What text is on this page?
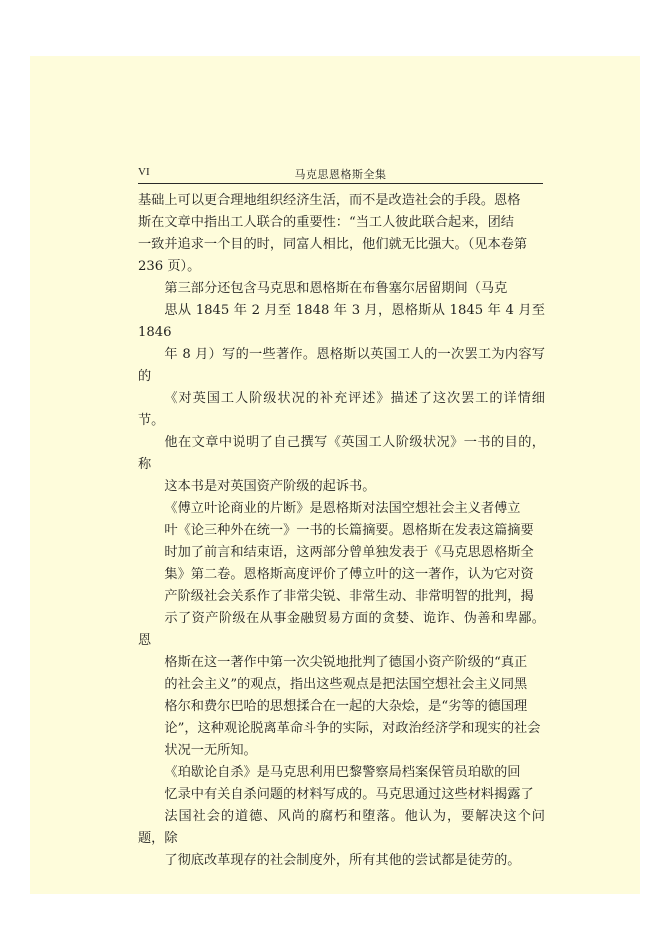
VI	马克思恩格斯全集

基础上可以更合理地组织经济生活，而不是改造社会的手段。恩格
斯在文章中指出工人联合的重要性：“当工人彼此联合起来，团结
一致并追求一个目的时，同富人相比，他们就无比强大。（见本卷第
236 页）。

第三部分还包含马克思和恩格斯在布鲁塞尔居留期间（马克
思从 1845 年 2 月至 1848 年 3 月，恩格斯从 1845 年 4 月至 1846
年 8 月）写的一些著作。恩格斯以英国工人的一次罢工为内容写的
《对英国工人阶级状况的补充评述》描述了这次罢工的详情细节。
他在文章中说明了自己撰写《英国工人阶级状况》一书的目的，称
这本书是对英国资产阶级的起诉书。

《傅立叶论商业的片断》是恩格斯对法国空想社会主义者傅立
叶《论三种外在统一》一书的长篇摘要。恩格斯在发表这篇摘要
时加了前言和结束语，这两部分曾单独发表于《马克思恩格斯全
集》第二卷。恩格斯高度评价了傅立叶的这一著作，认为它对资
产阶级社会关系作了非常尖锐、非常生动、非常明智的批判，揭
示了资产阶级在从事金融贸易方面的贪婪、诡诈、伪善和卑鄙。恩
格斯在这一著作中第一次尖锐地批判了德国小资产阶级的“真正
的社会主义”的观点，指出这些观点是把法国空想社会主义同黑
格尔和费尔巴哈的思想揉合在一起的大杂烩，是“劣等的德国理
论”，这种观论脱离革命斗争的实际，对政治经济学和现实的社会
状况一无所知。

《珀歇论自杀》是马克思利用巴黎警察局档案保管员珀歇的回
忆录中有关自杀问题的材料写成的。马克思通过这些材料揭露了
法国社会的道德、风尚的腐朽和堕落。他认为，要解决这个问题，除
了彻底改革现存的社会制度外，所有其他的尝试都是徒劳的。
